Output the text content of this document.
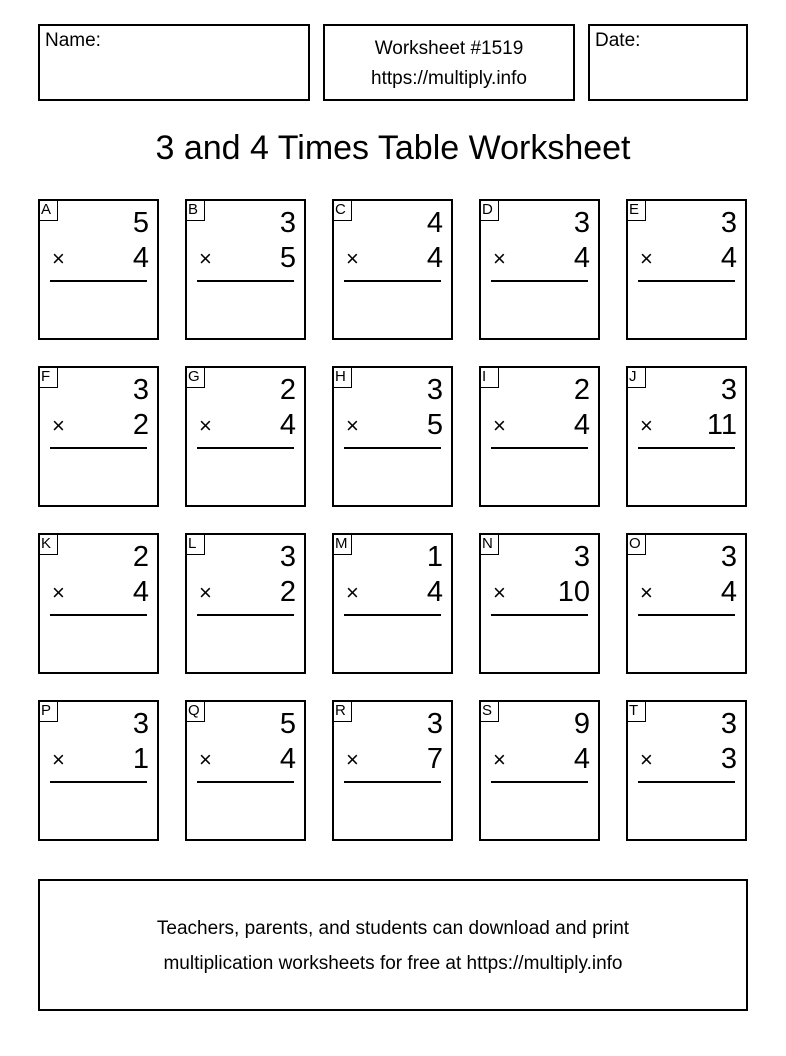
Name:	Worksheet #1519
https://multiply.info
Date:
3 and 4 Times Table Worksheet
A	5
× 4
B	3
× 5
C	4
× 4
D	3
× 4
E	3
× 4
F	3
× 2
G	2
× 4
H	3
× 5
I	2
× 4
J	3
× 11
K	2
× 4
L	3
× 2
M	1
× 4
N	3
× 10
O	3
× 4
P	3
× 1
Q	5
× 4
R	3
× 7
S	9
× 4
T	3
× 3
Teachers, parents, and students can download and print
multiplication worksheets for free at https://multiply.info
